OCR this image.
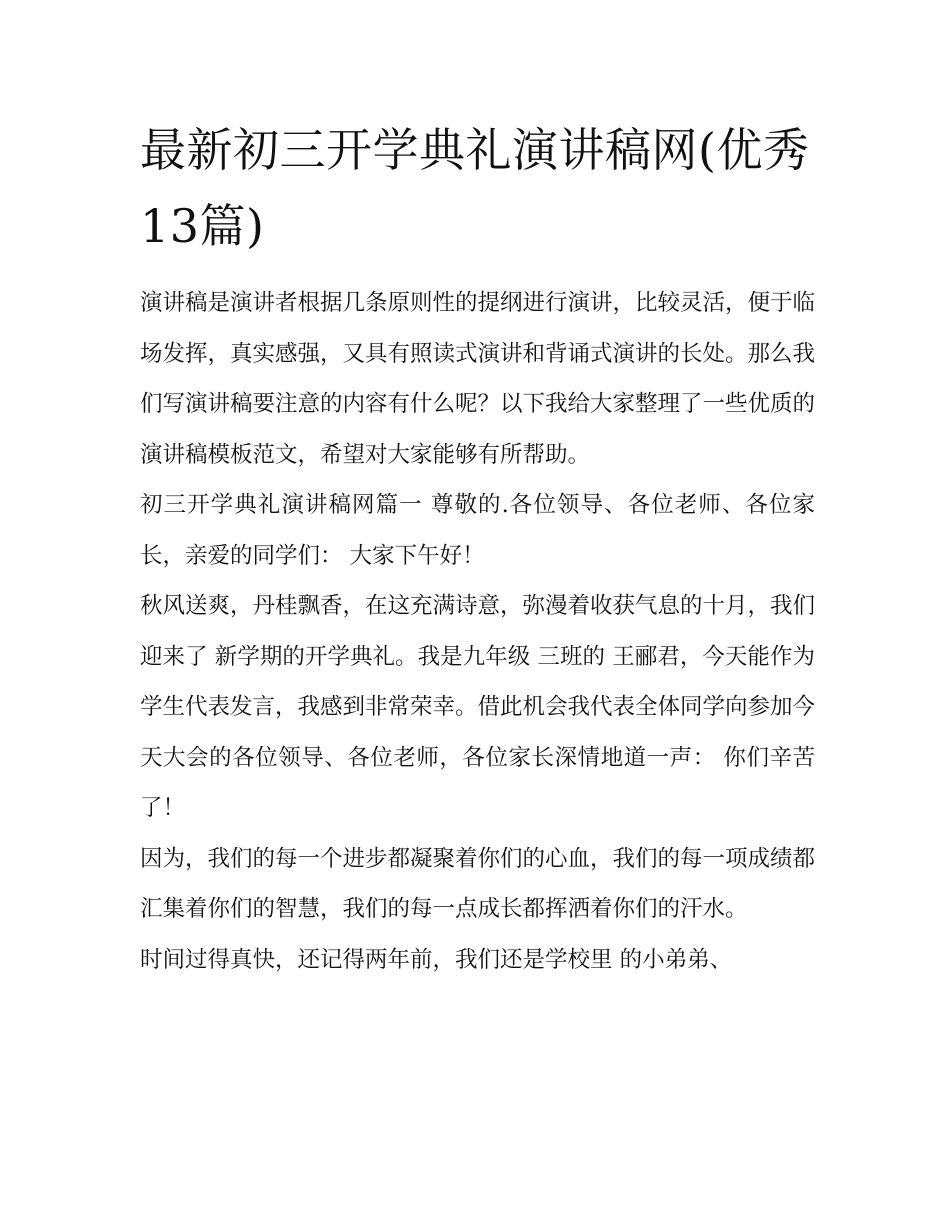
最新初三开学典礼演讲稿网(优秀13篇)

演讲稿是演讲者根据几条原则性的提纲进行演讲，比较灵活，便于临场发挥，真实感强，又具有照读式演讲和背诵式演讲的长处。那么我们写演讲稿要注意的内容有什么呢？以下我给大家整理了一些优质的演讲稿模板范文，希望对大家能够有所帮助。

初三开学典礼演讲稿网篇一 尊敬的.各位领导、各位老师、各位家长，亲爱的同学们： 大家下午好！

秋风送爽，丹桂飘香，在这充满诗意，弥漫着收获气息的十月，我们迎来了 新学期的开学典礼。我是九年级 三班的 王郦君，今天能作为学生代表发言，我感到非常荣幸。借此机会我代表全体同学向参加今天大会的各位领导、各位老师，各位家长深情地道一声： 你们辛苦了！

因为，我们的每一个进步都凝聚着你们的心血，我们的每一项成绩都汇集着你们的智慧，我们的每一点成长都挥洒着你们的汗水。

时间过得真快，还记得两年前，我们还是学校里 的小弟弟、
